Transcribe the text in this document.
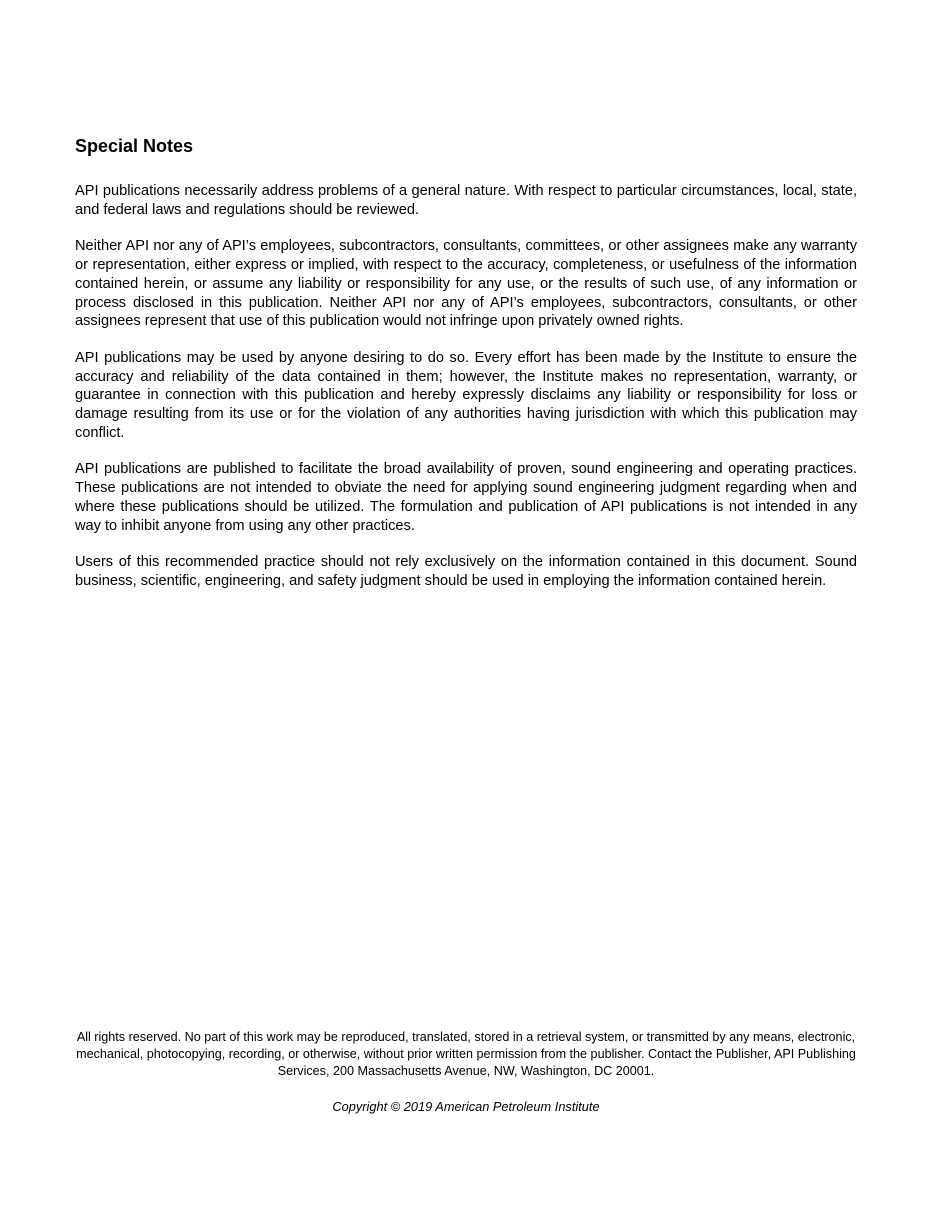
Special Notes

API publications necessarily address problems of a general nature. With respect to particular circumstances, local, state, and federal laws and regulations should be reviewed.

Neither API nor any of API’s employees, subcontractors, consultants, committees, or other assignees make any warranty or representation, either express or implied, with respect to the accuracy, completeness, or usefulness of the information contained herein, or assume any liability or responsibility for any use, or the results of such use, of any information or process disclosed in this publication. Neither API nor any of API’s employees, subcontractors, consultants, or other assignees represent that use of this publication would not infringe upon privately owned rights.

API publications may be used by anyone desiring to do so. Every effort has been made by the Institute to ensure the accuracy and reliability of the data contained in them; however, the Institute makes no representation, warranty, or guarantee in connection with this publication and hereby expressly disclaims any liability or responsibility for loss or damage resulting from its use or for the violation of any authorities having jurisdiction with which this publication may conflict.

API publications are published to facilitate the broad availability of proven, sound engineering and operating practices. These publications are not intended to obviate the need for applying sound engineering judgment regarding when and where these publications should be utilized. The formulation and publication of API publications is not intended in any way to inhibit anyone from using any other practices.

Users of this recommended practice should not rely exclusively on the information contained in this document. Sound business, scientific, engineering, and safety judgment should be used in employing the information contained herein.

All rights reserved. No part of this work may be reproduced, translated, stored in a retrieval system, or transmitted by any means, electronic, mechanical, photocopying, recording, or otherwise, without prior written permission from the publisher. Contact the Publisher, API Publishing Services, 200 Massachusetts Avenue, NW, Washington, DC 20001.

Copyright © 2019 American Petroleum Institute
